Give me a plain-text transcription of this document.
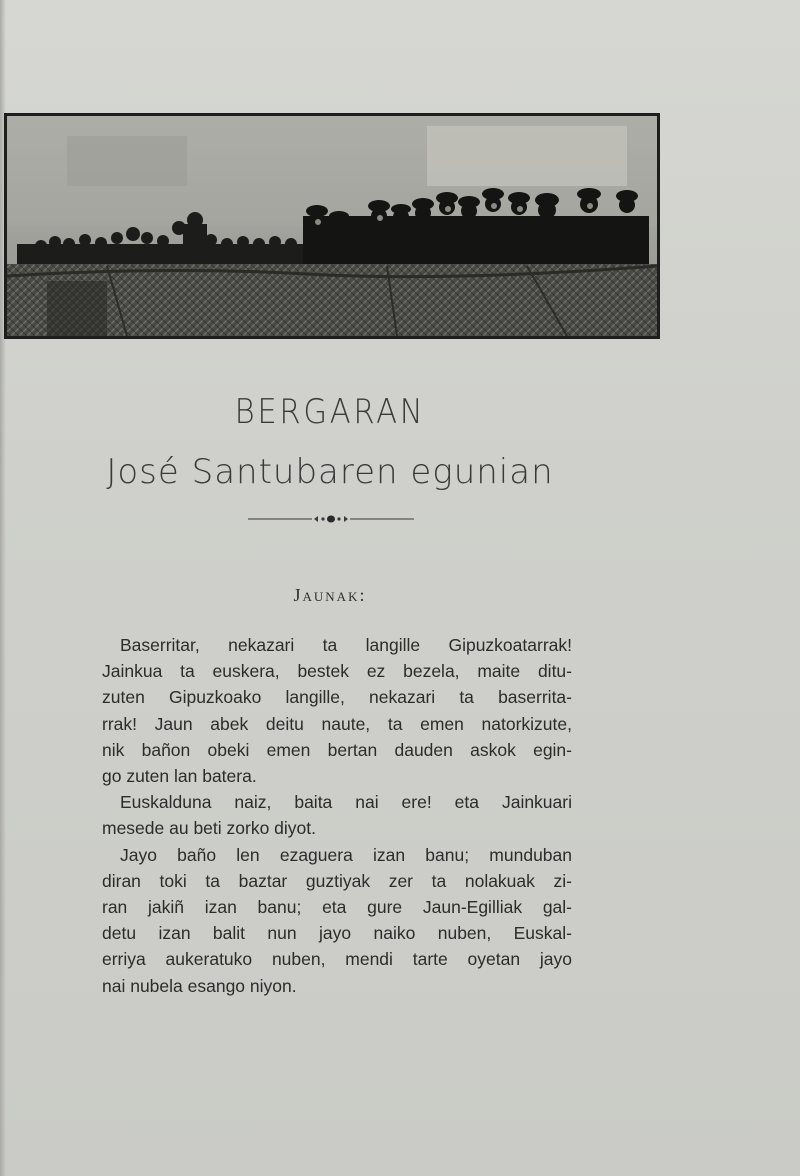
BERGARAN
José Santubaren egunian
Jaunak:
Baserritar, nekazari ta langille Gipuzkoatarrak!
Jainkua ta euskera, bestek ez bezela, maite ditu-
zuten Gipuzkoako langille, nekazari ta baserrita-
rrak! Jaun abek deitu naute, ta emen natorkizute,
nik bañon obeki emen bertan dauden askok egin-
go zuten lan batera.
Euskalduna naiz, baita nai ere! eta Jainkuari
mesede au beti zorko diyot.
Jayo baño len ezaguera izan banu; munduban
diran toki ta baztar guztiyak zer ta nolakuak zi-
ran jakiñ izan banu; eta gure Jaun-Egilliak gal-
detu izan balit nun jayo naiko nuben, Euskal-
erriya aukeratuko nuben, mendi tarte oyetan jayo
nai nubela esango niyon.
